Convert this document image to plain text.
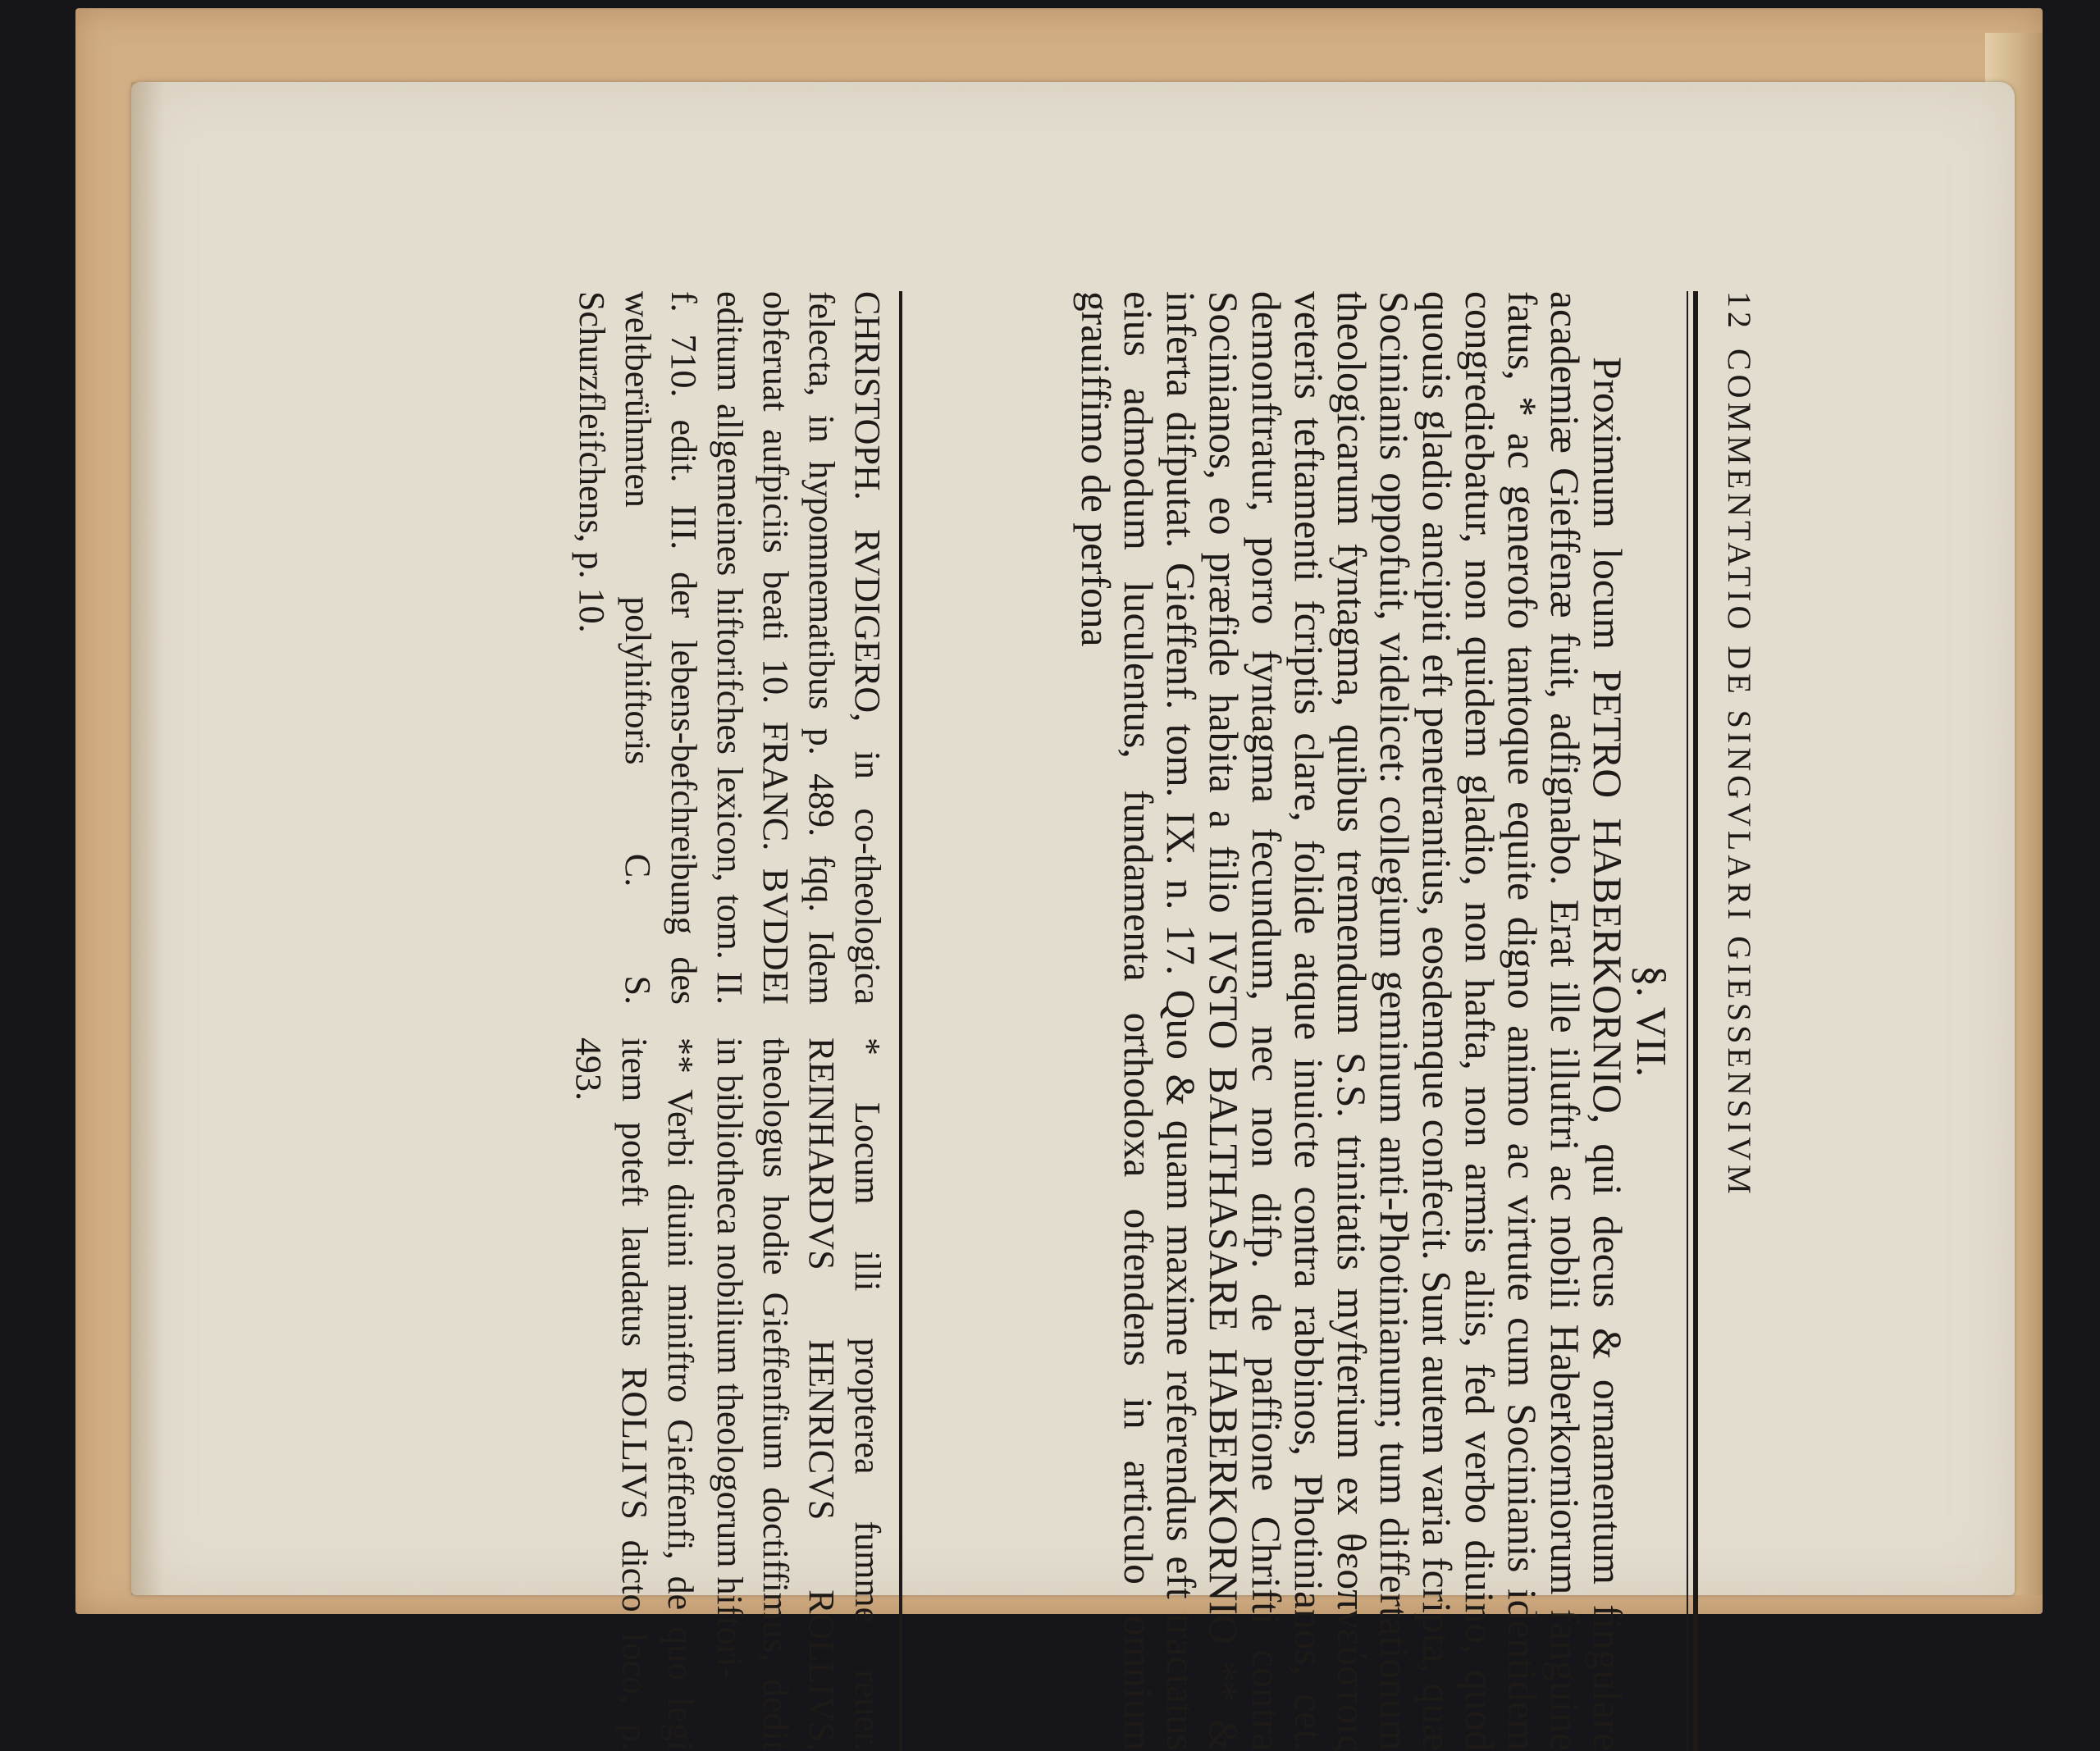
12
COMMENTATIO DE SINGVLARI GIESSENSIVM
§. VII.

Proximum locum PETRO HABERKORNIO, qui decus & ornamentum fingulare academiæ Gieffenæ fuit, adfignabo. Erat ille illuftri ac nobili Haberkorniorum fanguine fatus, * ac generofo tantoque equite digno animo ac virtute cum Socinianis identidem congrediebatur, non quidem gladio, non hafta, non armis aliis, fed verbo diuino, quod quouis gladio ancipiti eft penetrantius, eosdemque confecit. Sunt autem varia fcripta, quæ Socinianis oppofuit, videlicet: collegium geminum anti-Photinianum; tum differtationum theologicarum fyntagma, quibus tremendum S.S. trinitatis myfterium ex θεοπνεύστοις veteris teftamenti fcriptis clare, folide atque inuicte contra rabbinos, Photinianos, cet. demonftratur, porro fyntagma fecundum, nec non difp. de paffione Chrifti contra Socinianos, eo præfide habita a filio IVSTO BALTHASARE HABERKORNIO ** & inferta difputat. Gieffenf. tom. IX. n. 17. Quo & quam maxime referendus eft tractatus eius admodum luculentus, fundamenta orthodoxa oftendens in articulo omnium grauiffimo de perfona

CHRISTOPH. RVDIGERO, in co-theologica felecta, in hypomnematibus p. 489. fqq. Idem obferuat aufpiciis beati 10. FRANC. BVDDEI editum allgemeines hiftorifches lexicon, tom. II. f. 710. edit. III. der lebens-befchreibung des weltberühmten polyhiftoris C. S. Schurzfleifchens, p. 10.

* Locum illi propterea fumme reuer. REINHARDVS HENRICVS ROLLIVS, theologus hodie Gieffenfium doctiffimus, dedit in bibliotheca nobilium theologorum hiftori-

** Verbi diuini miniftro Gieffenfi, de quo legi item poteft laudatus ROLLIVS dicto loco, p. 493.
